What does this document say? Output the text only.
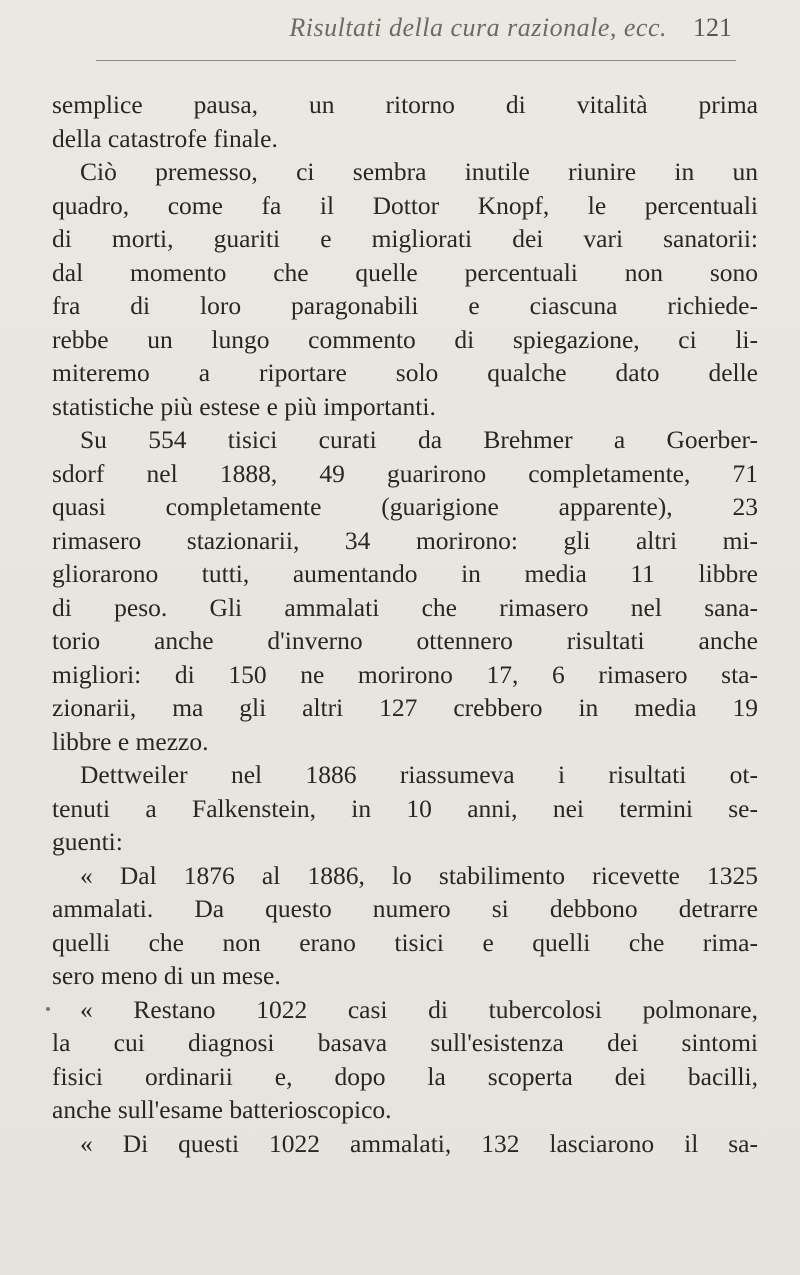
Risultati della cura razionale, ecc. 121
semplice pausa, un ritorno di vitalità prima
della catastrofe finale.
Ciò premesso, ci sembra inutile riunire in un
quadro, come fa il Dottor Knopf, le percentuali
di morti, guariti e migliorati dei vari sanatorii:
dal momento che quelle percentuali non sono
fra di loro paragonabili e ciascuna richiede-
rebbe un lungo commento di spiegazione, ci li-
miteremo a riportare solo qualche dato delle
statistiche più estese e più importanti.
Su 554 tisici curati da Brehmer a Goerber-
sdorf nel 1888, 49 guarirono completamente, 71
quasi completamente (guarigione apparente), 23
rimasero stazionarii, 34 morirono: gli altri mi-
gliorarono tutti, aumentando in media 11 libbre
di peso. Gli ammalati che rimasero nel sana-
torio anche d'inverno ottennero risultati anche
migliori: di 150 ne morirono 17, 6 rimasero sta-
zionarii, ma gli altri 127 crebbero in media 19
libbre e mezzo.
Dettweiler nel 1886 riassumeva i risultati ot-
tenuti a Falkenstein, in 10 anni, nei termini se-
guenti:
« Dal 1876 al 1886, lo stabilimento ricevette 1325
ammalati. Da questo numero si debbono detrarre
quelli che non erano tisici e quelli che rima-
sero meno di un mese.
« Restano 1022 casi di tubercolosi polmonare,
la cui diagnosi basava sull'esistenza dei sintomi
fisici ordinarii e, dopo la scoperta dei bacilli,
anche sull'esame batterioscopico.
« Di questi 1022 ammalati, 132 lasciarono il sa-
